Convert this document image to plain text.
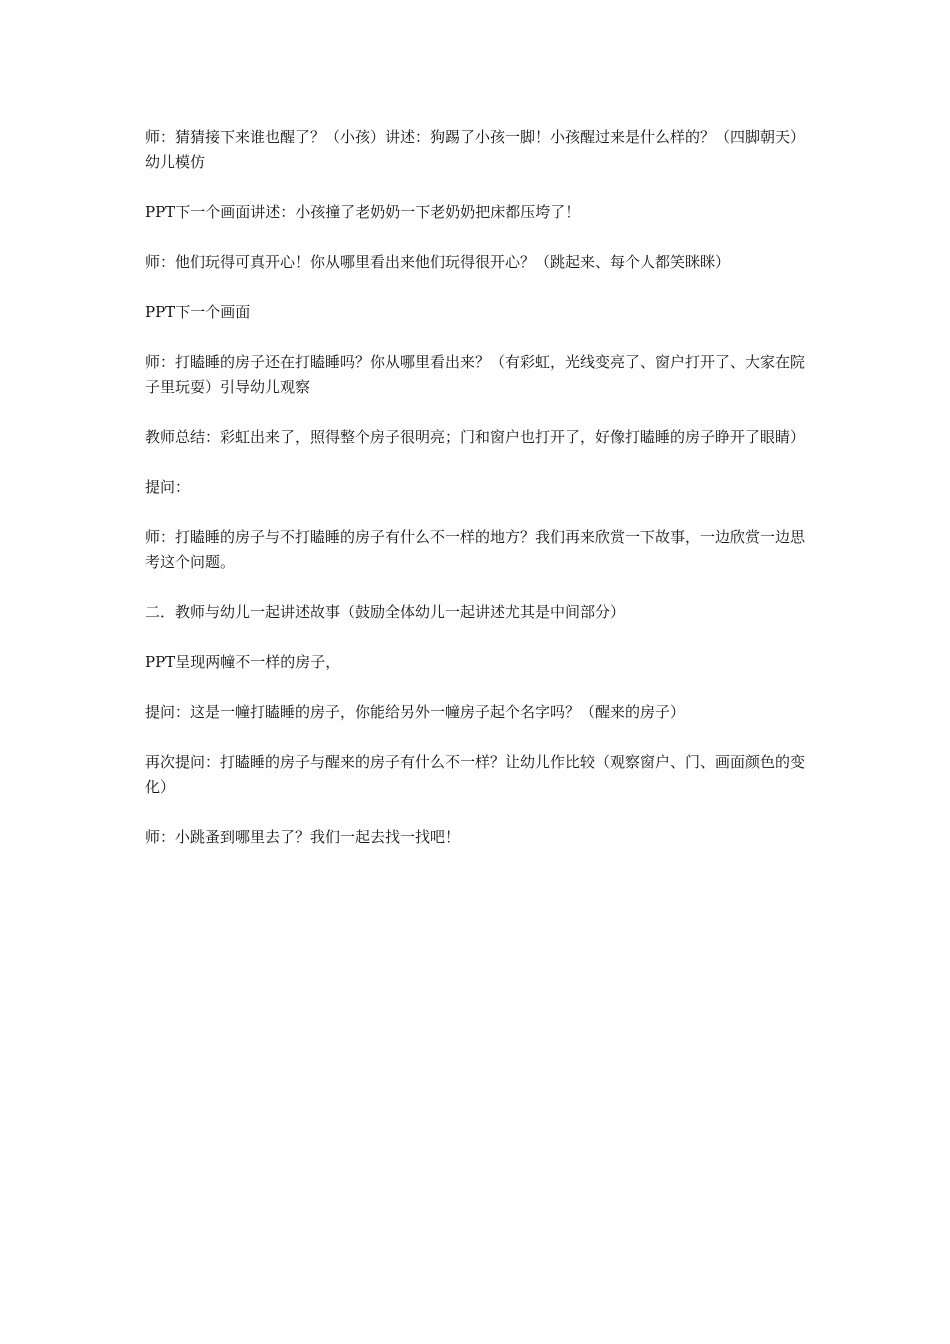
师：猜猜接下来谁也醒了？（小孩）讲述：狗踢了小孩一脚！小孩醒过来是什么样的？（四脚朝天）幼儿模仿

PPT下一个画面讲述：小孩撞了老奶奶一下老奶奶把床都压垮了！

师：他们玩得可真开心！你从哪里看出来他们玩得很开心？（跳起来、每个人都笑眯眯）

PPT下一个画面

师：打瞌睡的房子还在打瞌睡吗？你从哪里看出来？（有彩虹，光线变亮了、窗户打开了、大家在院子里玩耍）引导幼儿观察

教师总结：彩虹出来了，照得整个房子很明亮；门和窗户也打开了，好像打瞌睡的房子睁开了眼睛）

提问：

师：打瞌睡的房子与不打瞌睡的房子有什么不一样的地方？我们再来欣赏一下故事，一边欣赏一边思考这个问题。

二．教师与幼儿一起讲述故事（鼓励全体幼儿一起讲述尤其是中间部分）

PPT呈现两幢不一样的房子，

提问：这是一幢打瞌睡的房子，你能给另外一幢房子起个名字吗？（醒来的房子）

再次提问：打瞌睡的房子与醒来的房子有什么不一样？让幼儿作比较（观察窗户、门、画面颜色的变化）

师：小跳蚤到哪里去了？我们一起去找一找吧！
